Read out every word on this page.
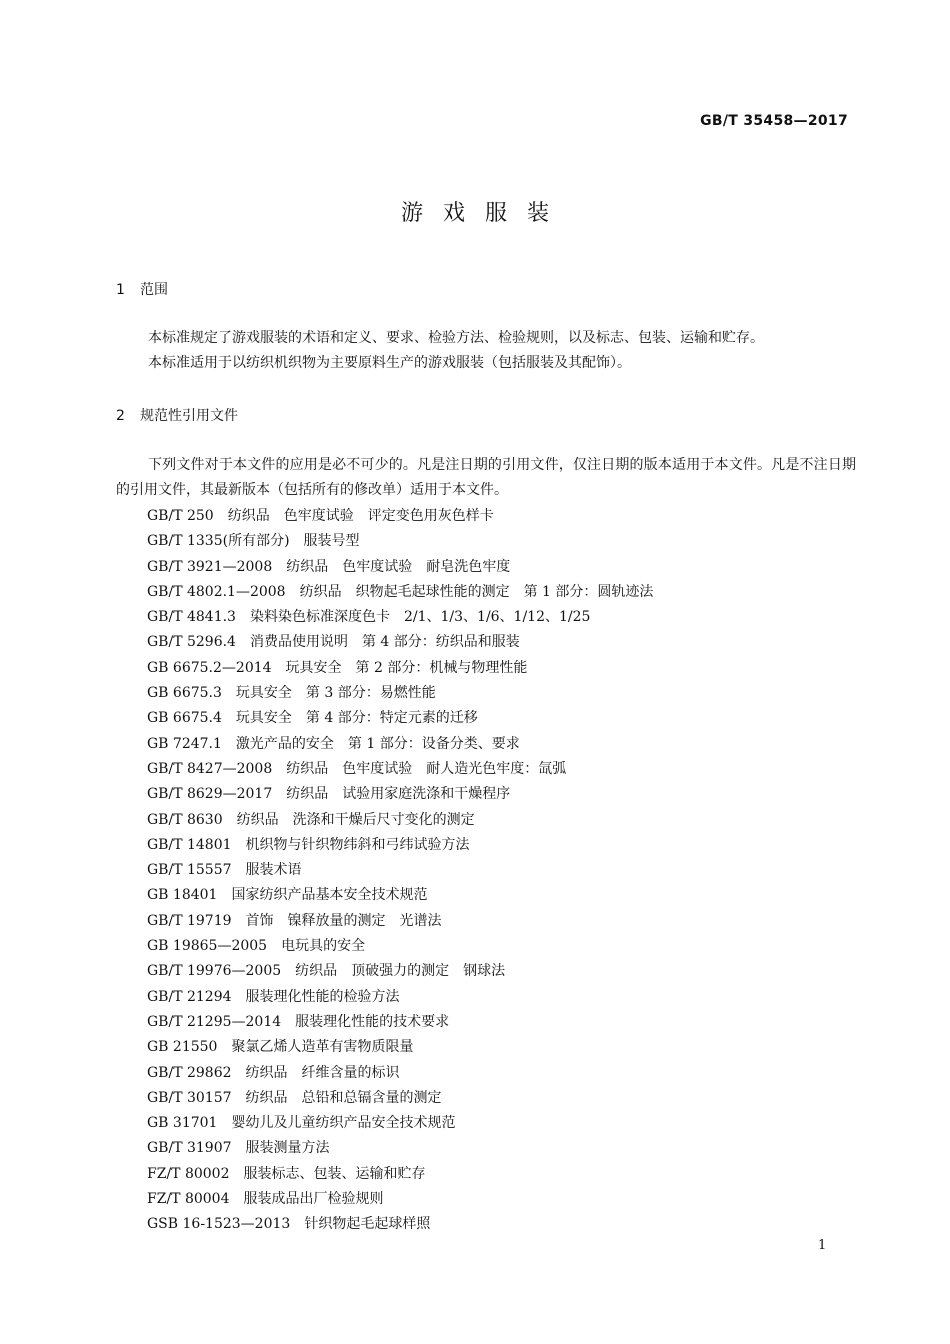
GB/T 35458—2017
游戏服装
1 范围
本标准规定了游戏服装的术语和定义、要求、检验方法、检验规则，以及标志、包装、运输和贮存。
本标准适用于以纺织机织物为主要原料生产的游戏服装（包括服装及其配饰）。
2 规范性引用文件
下列文件对于本文件的应用是必不可少的。凡是注日期的引用文件，仅注日期的版本适用于本文件。凡是不注日期的引用文件，其最新版本（包括所有的修改单）适用于本文件。
GB/T 250 纺织品　色牢度试验　评定变色用灰色样卡
GB/T 1335(所有部分) 服装号型
GB/T 3921—2008 纺织品　色牢度试验　耐皂洗色牢度
GB/T 4802.1—2008 纺织品　织物起毛起球性能的测定　第 1 部分：圆轨迹法
GB/T 4841.3 染料染色标准深度色卡　2/1、1/3、1/6、1/12、1/25
GB/T 5296.4 消费品使用说明　第 4 部分：纺织品和服装
GB 6675.2—2014 玩具安全　第 2 部分：机械与物理性能
GB 6675.3 玩具安全　第 3 部分：易燃性能
GB 6675.4 玩具安全　第 4 部分：特定元素的迁移
GB 7247.1 激光产品的安全　第 1 部分：设备分类、要求
GB/T 8427—2008 纺织品　色牢度试验　耐人造光色牢度：氙弧
GB/T 8629—2017 纺织品　试验用家庭洗涤和干燥程序
GB/T 8630 纺织品　洗涤和干燥后尺寸变化的测定
GB/T 14801 机织物与针织物纬斜和弓纬试验方法
GB/T 15557 服装术语
GB 18401 国家纺织产品基本安全技术规范
GB/T 19719 首饰　镍释放量的测定　光谱法
GB 19865—2005 电玩具的安全
GB/T 19976—2005 纺织品　顶破强力的测定　钢球法
GB/T 21294 服装理化性能的检验方法
GB/T 21295—2014 服装理化性能的技术要求
GB 21550 聚氯乙烯人造革有害物质限量
GB/T 29862 纺织品　纤维含量的标识
GB/T 30157 纺织品　总铅和总镉含量的测定
GB 31701 婴幼儿及儿童纺织产品安全技术规范
GB/T 31907 服装测量方法
FZ/T 80002 服装标志、包装、运输和贮存
FZ/T 80004 服装成品出厂检验规则
GSB 16-1523—2013 针织物起毛起球样照
1
